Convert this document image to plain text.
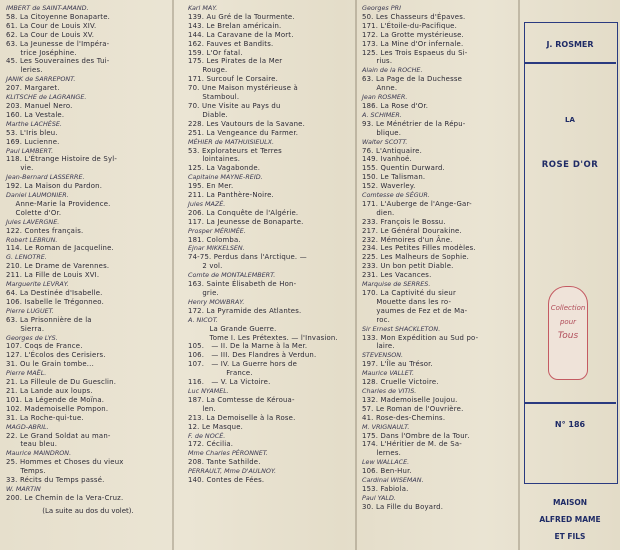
IMBERT de SAINT-AMAND.
58. La Citoyenne Bonaparte.
61. La Cour de Louis XIV.
62. La Cour de Louis XV.
63. La Jeunesse de l'Impéra-
trice Joséphine.
45. Les Souveraines des Tui-
leries.
JANIK de SARREPONT.
207. Margaret.
KLITSCHE de LAGRANGE.
203. Manuel Nero.
160. La Vestale.
Marthe LACHÈSE.
53. L'Iris bleu.
169. Lucienne.
Paul LAMBERT.
118. L'Étrange Histoire de Syl-
vie.
Jean-Bernard LASSERRE.
192. La Maison du Pardon.
Daniel LAUMONIER.
Anne-Marie la Providence.
Colette d'Or.
Jules LAVERGNE.
122. Contes français.
Robert LEBRUN.
114. Le Roman de Jacqueline.
G. LENOTRE.
210. Le Drame de Varennes.
211. La Fille de Louis XVI.
Marguerite LEVRAY.
64. La Destinée d'Isabelle.
106. Isabelle le Trégonneo.
Pierre LUGUET.
63. La Prisonnière de la
Sierra.
Georges de LYS.
107. Coqs de France.
127. L'Écolos des Cerisiers.
31. Ou le Grain tombe...
Pierre MAËL.
21. La Filleule de Du Guesclin.
21. La Lande aux loups.
101. La Légende de Moïna.
102. Mademoiselle Pompon.
31. La Roche-qui-tue.
MAGD-ABRIL.
22. Le Grand Soldat au man-
teau bleu.
Maurice MAINDRON.
25. Hommes et Choses du vieux
Temps.
33. Récits du Temps passé.
W. MARTIN
200. Le Chemin de la Vera-Cruz.
(La suite au dos du volet).
Karl MAY.
139. Au Gré de la Tourmente.
143. Le Brelan américain.
144. La Caravane de la Mort.
162. Fauves et Bandits.
159. L'Or fatal.
175. Les Pirates de la Mer
Rouge.
171. Surcouf le Corsaire.
70. Une Maison mystérieuse à
Stamboul.
70. Une Visite au Pays du
Diable.
228. Les Vautours de la Savane.
251. La Vengeance du Farmer.
MÉHIER de MATHUISIEULX.
53. Explorateurs et Terres
lointaines.
125. La Vagabonde.
Capitaine MAYNE-REID.
195. En Mer.
211. La Panthère-Noire.
Jules MAZÉ.
206. La Conquête de l'Algérie.
117. La Jeunesse de Bonaparte.
Prosper MÉRIMÉE.
181. Colomba.
Ejnar MIKKELSEN.
74-75. Perdus dans l'Arctique. —
2 vol.
Comte de MONTALEMBERT.
163. Sainte Élisabeth de Hon-
grie.
Henry MOWBRAY.
172. La Pyramide des Atlantes.
A. NICOT.
La Grande Guerre.
Tome I. Les Prétextes. — l'Invasion.
105.   — II. De la Marne à la Mer.
106.   — III. Des Flandres à Verdun.
107.   — IV. La Guerre hors de
France.
116.   — V. La Victoire.
Luc NYAMEL.
187. La Comtesse de Kéroua-
len.
213. La Demoiselle à la Rose.
12. Le Masque.
F. de NOCÉ.
172. Cécilia.
Mme Charles PÉRONNET.
208. Tante Sathilde.
PERRAULT, Mme D'AULNOY.
140. Contes de Fées.
Georges PRI
50. Les Chasseurs d'Épaves.
171. L'Étoile-du-Pacifique.
172. La Grotte mystérieuse.
173. La Mine d'Or infernale.
125. Les Trois Espaeus du Si-
rius.
Alain de la ROCHE.
63. La Page de la Duchesse
Anne.
Jean ROSMER.
186. La Rose d'Or.
A. SCHIMER.
93. Le Ménétrier de la Répu-
blique.
Walter SCOTT.
76. L'Antiquaire.
149. Ivanhoé.
155. Quentin Durward.
150. Le Talisman.
152. Waverley.
Comtesse de SÉGUR.
171. L'Auberge de l'Ange-Gar-
dien.
233. François le Bossu.
217. Le Général Dourakine.
232. Mémoires d'un Âne.
234. Les Petites Filles modèles.
225. Les Malheurs de Sophie.
233. Un bon petit Diable.
231. Les Vacances.
Marquise de SERRES.
170. La Captivité du sieur
Mouette dans les ro-
yaumes de Fez et de Ma-
roc.
Sir Ernest SHACKLETON.
133. Mon Expédition au Sud po-
laire.
STEVENSON.
197. L'Île au Trésor.
Maurice VALLET.
128. Cruelle Victoire.
Charles de VITIS.
132. Mademoiselle Joujou.
57. Le Roman de l'Ouvrière.
41. Rose-des-Chemins.
M. VRIGNAULT.
175. Dans l'Ombre de la Tour.
174. L'Héritier de M. de Sa-
lernes.
Lew WALLACE.
106. Ben-Hur.
Cardinal WISEMAN.
153. Fabiola.
Paul YALD.
30. La Fille du Boyard.
J. ROSMER
LA
ROSE D'OR
Collection
pour
Tous
N° 186
MAISON
ALFRED MAME
ET FILS
